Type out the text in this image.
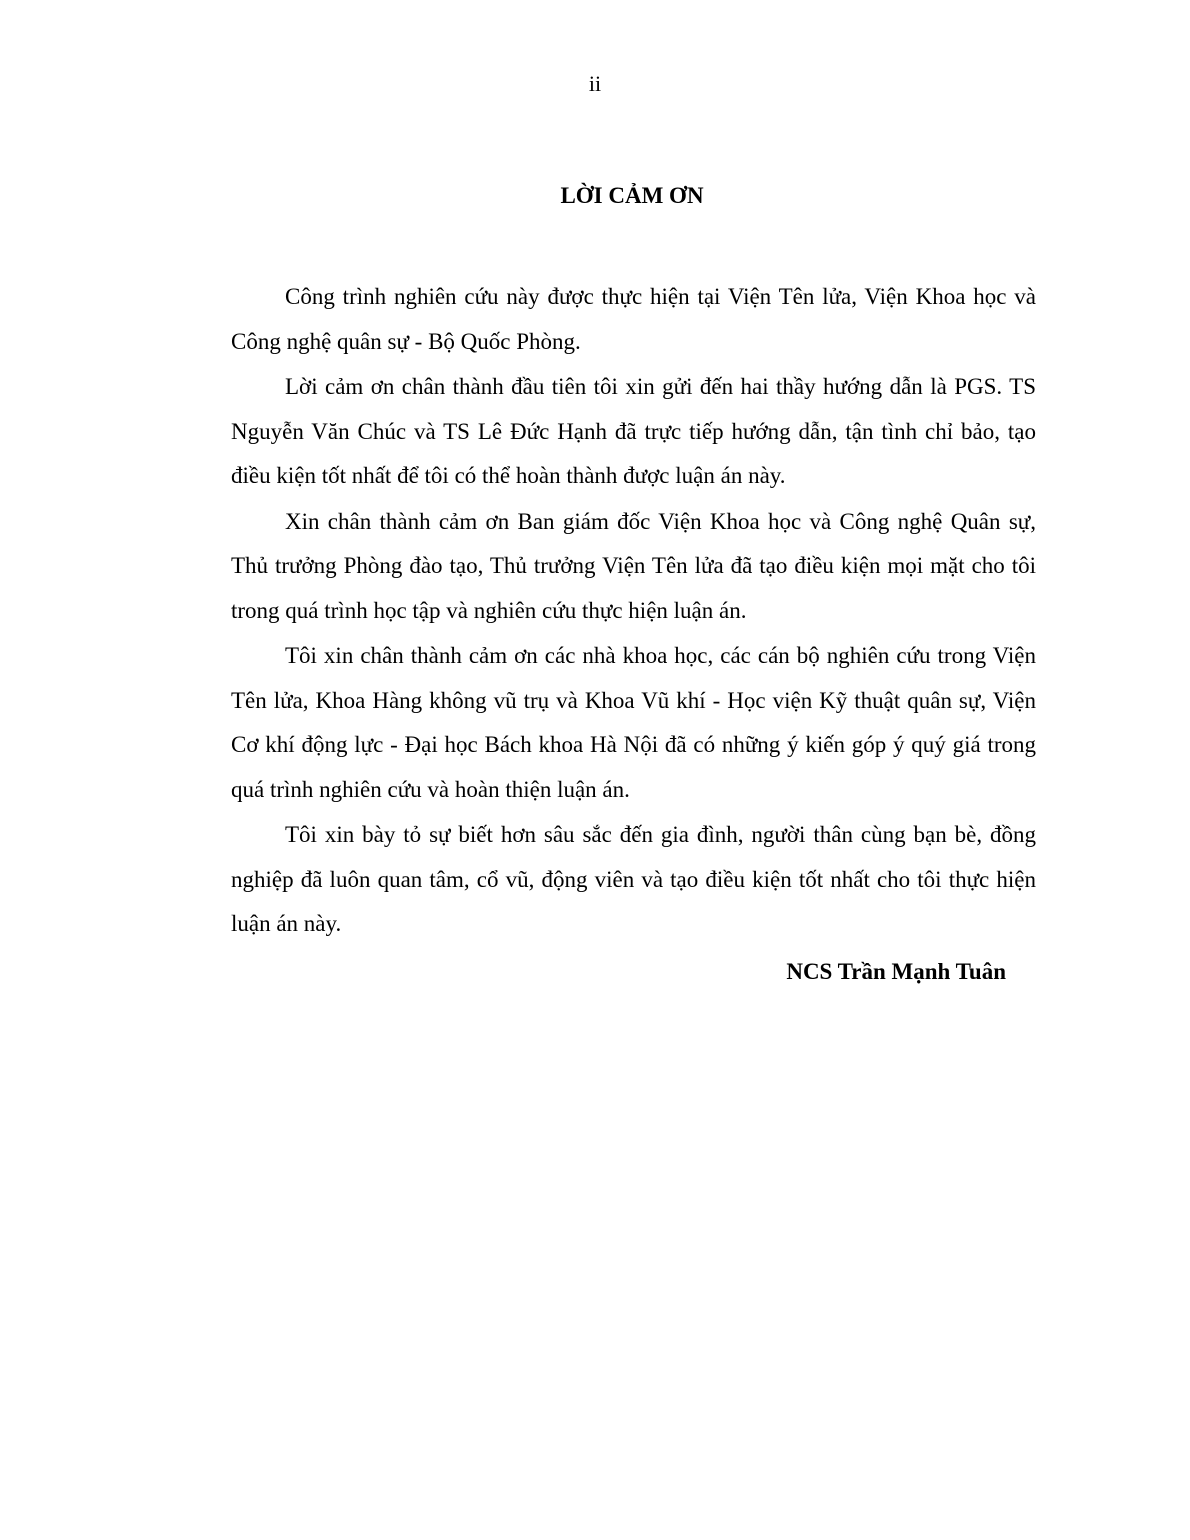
ii
LỜI CẢM ƠN

Công trình nghiên cứu này được thực hiện tại Viện Tên lửa, Viện Khoa học và Công nghệ quân sự - Bộ Quốc Phòng.

Lời cảm ơn chân thành đầu tiên tôi xin gửi đến hai thầy hướng dẫn là PGS. TS Nguyễn Văn Chúc và TS Lê Đức Hạnh đã trực tiếp hướng dẫn, tận tình chỉ bảo, tạo điều kiện tốt nhất để tôi có thể hoàn thành được luận án này.

Xin chân thành cảm ơn Ban giám đốc Viện Khoa học và Công nghệ Quân sự, Thủ trưởng Phòng đào tạo, Thủ trưởng Viện Tên lửa đã tạo điều kiện mọi mặt cho tôi trong quá trình học tập và nghiên cứu thực hiện luận án.

Tôi xin chân thành cảm ơn các nhà khoa học, các cán bộ nghiên cứu trong Viện Tên lửa, Khoa Hàng không vũ trụ và Khoa Vũ khí - Học viện Kỹ thuật quân sự, Viện Cơ khí động lực - Đại học Bách khoa Hà Nội đã có những ý kiến góp ý quý giá trong quá trình nghiên cứu và hoàn thiện luận án.

Tôi xin bày tỏ sự biết hơn sâu sắc đến gia đình, người thân cùng bạn bè, đồng nghiệp đã luôn quan tâm, cổ vũ, động viên và tạo điều kiện tốt nhất cho tôi thực hiện luận án này.

NCS Trần Mạnh Tuân
